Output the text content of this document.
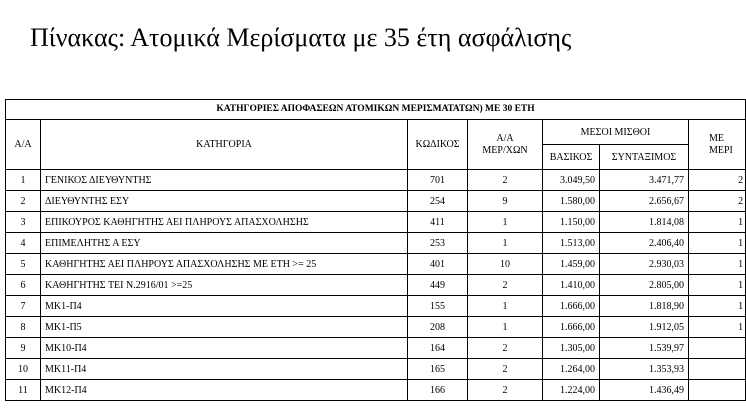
Πίνακας: Ατομικά Μερίσματα με 35 έτη ασφάλισης
ΚΑΤΗΓΟΡΙΕΣ ΑΠΟΦΑΣΕΩΝ ΑΤΟΜΙΚΩΝ ΜΕΡΙΣΜΑΤΑΤΩΝ) ΜΕ 30 ΕΤΗ						
Α/Α	ΚΑΤΗΓΟΡΙΑ	ΚΩΔΙΚΟΣ	Α/Α
ΜΕΡ/ΧΩΝ	ΜΕΣΟΙ ΜΙΣΘΟΙ		ΜΕ
ΜΕΡΙ
				ΒΑΣΙΚΟΣ	ΣΥΝΤΑΞΙΜΟΣ	
1	ΓΕΝΙΚΟΣ ΔΙΕΥΘΥΝΤΗΣ	701	2	3.049,50	3.471,77	2
2	ΔΙΕΥΘΥΝΤΗΣ ΕΣΥ	254	9	1.580,00	2.656,67	2
3	ΕΠΙΚΟΥΡΟΣ ΚΑΘΗΓΗΤΗΣ ΑΕΙ ΠΛΗΡΟΥΣ ΑΠΑΣΧΟΛΗΣΗΣ	411	1	1.150,00	1.814,08	1
4	ΕΠΙΜΕΛΗΤΗΣ Α ΕΣΥ	253	1	1.513,00	2.406,40	1
5	ΚΑΘΗΓΗΤΗΣ ΑΕΙ ΠΛΗΡΟΥΣ ΑΠΑΣΧΟΛΗΣΗΣ ΜΕ ΕΤΗ >= 25	401	10	1.459,00	2.930,03	1
6	ΚΑΘΗΓΗΤΗΣ ΤΕΙ Ν.2916/01 >=25	449	2	1.410,00	2.805,00	1
7	ΜΚ1-Π4	155	1	1.666,00	1.818,90	1
8	ΜΚ1-Π5	208	1	1.666,00	1.912,05	1
9	ΜΚ10-Π4	164	2	1.305,00	1.539,97	
10	ΜΚ11-Π4	165	2	1.264,00	1.353,93	
11	ΜΚ12-Π4	166	2	1.224,00	1.436,49	
